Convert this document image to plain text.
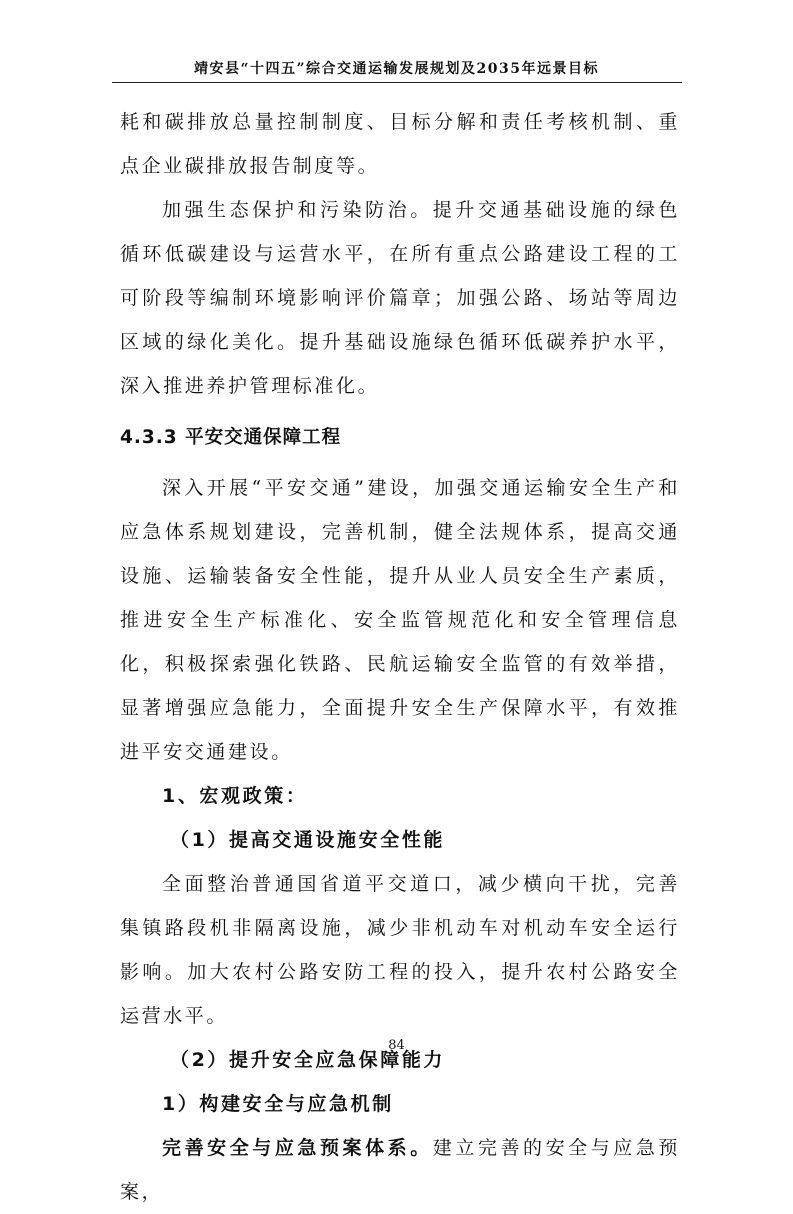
靖安县“十四五”综合交通运输发展规划及2035年远景目标

耗和碳排放总量控制制度、目标分解和责任考核机制、重点企业碳排放报告制度等。

加强生态保护和污染防治。提升交通基础设施的绿色循环低碳建设与运营水平，在所有重点公路建设工程的工可阶段等编制环境影响评价篇章；加强公路、场站等周边区域的绿化美化。提升基础设施绿色循环低碳养护水平，深入推进养护管理标准化。

4.3.3 平安交通保障工程

深入开展“平安交通”建设，加强交通运输安全生产和应急体系规划建设，完善机制，健全法规体系，提高交通设施、运输装备安全性能，提升从业人员安全生产素质，推进安全生产标准化、安全监管规范化和安全管理信息化，积极探索强化铁路、民航运输安全监管的有效举措，显著增强应急能力，全面提升安全生产保障水平，有效推进平安交通建设。

1、宏观政策：
（1）提高交通设施安全性能

全面整治普通国省道平交道口，减少横向干扰，完善集镇路段机非隔离设施，减少非机动车对机动车安全运行影响。加大农村公路安防工程的投入，提升农村公路安全运营水平。

（2）提升安全应急保障能力
1）构建安全与应急机制

完善安全与应急预案体系。建立完善的安全与应急预案，

84
